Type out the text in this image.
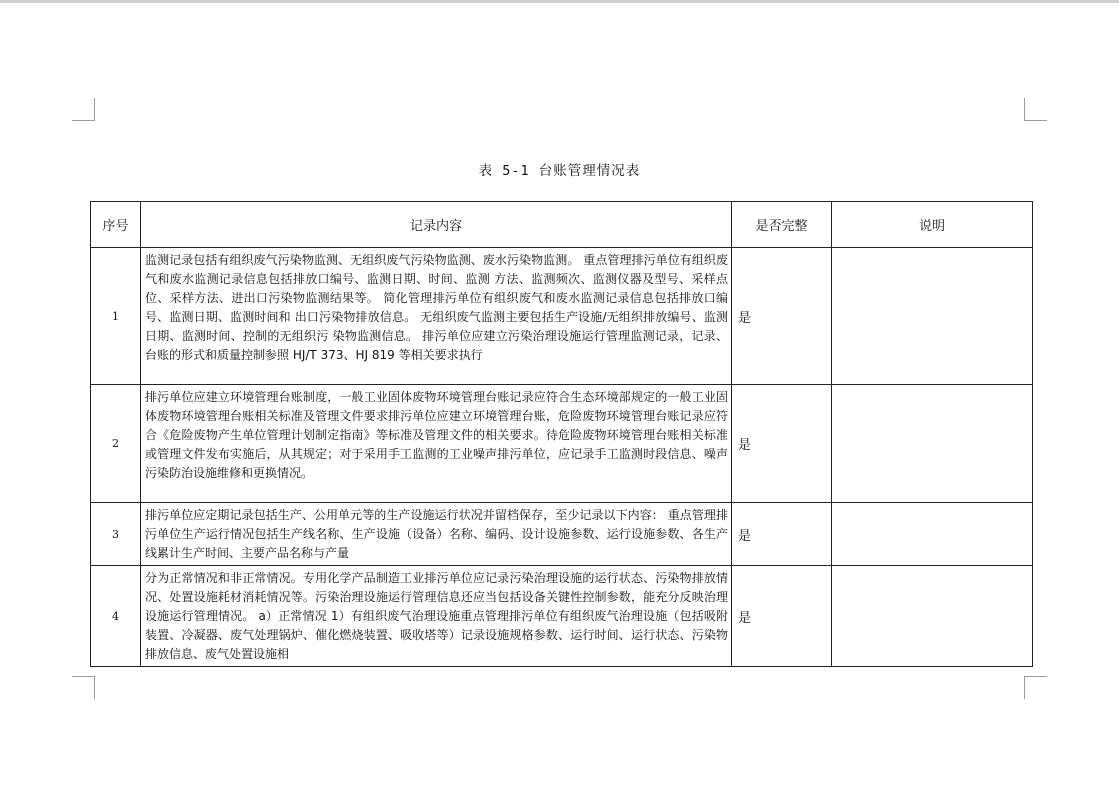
表 5-1 台账管理情况表
序号	记录内容	是否完整	说明
1	监测记录包括有组织废气污染物监测、无组织废气污染物监测、废水污染物监测。 重点管理排污单位有组织废气和废水监测记录信息包括排放口编号、监测日期、时间、监测 方法、监测频次、监测仪器及型号、采样点位、采样方法、进出口污染物监测结果等。 简化管理排污单位有组织废气和废水监测记录信息包括排放口编号、监测日期、监测时间和 出口污染物排放信息。 无组织废气监测主要包括生产设施/无组织排放编号、监测日期、监测时间、控制的无组织污 染物监测信息。 排污单位应建立污染治理设施运行管理监测记录，记录、台账的形式和质量控制参照 HJ/T 373、HJ 819 等相关要求执行	是	
2	排污单位应建立环境管理台账制度，一般工业固体废物环境管理台账记录应符合生态环境部规定的一般工业固体废物环境管理台账相关标准及管理文件要求排污单位应建立环境管理台账，危险废物环境管理台账记录应符合《危险废物产生单位管理计划制定指南》等标准及管理文件的相关要求。待危险废物环境管理台账相关标准或管理文件发布实施后，从其规定；对于采用手工监测的工业噪声排污单位，应记录手工监测时段信息、噪声污染防治设施维修和更换情况。	是	
3	排污单位应定期记录包括生产、公用单元等的生产设施运行状况并留档保存，至少记录以下内容： 重点管理排污单位生产运行情况包括生产线名称、生产设施（设备）名称、编码、设计设施参数、运行设施参数、各生产线累计生产时间、主要产品名称与产量	是	
4	分为正常情况和非正常情况。专用化学产品制造工业排污单位应记录污染治理设施的运行状态、污染物排放情况、处置设施耗材消耗情况等。污染治理设施运行管理信息还应当包括设备关键性控制参数，能充分反映治理设施运行管理情况。 a）正常情况 1）有组织废气治理设施重点管理排污单位有组织废气治理设施（包括吸附装置、冷凝器、废气处理锅炉、催化燃烧装置、吸收塔等）记录设施规格参数、运行时间、运行状态、污染物排放信息、废气处置设施相	是	
